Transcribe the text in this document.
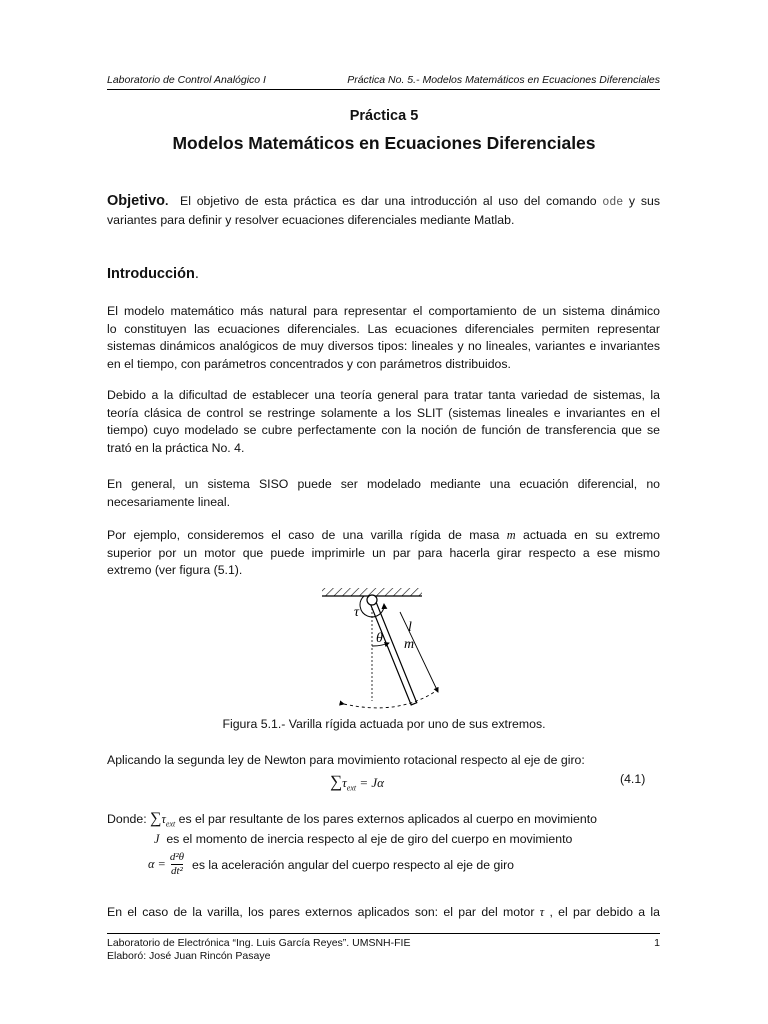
Laboratorio de Control Analógico I	Práctica No. 5.- Modelos Matemáticos en Ecuaciones Diferenciales
Práctica 5
Modelos Matemáticos en Ecuaciones Diferenciales
Objetivo. El objetivo de esta práctica es dar una introducción al uso del comando ode y sus
variantes para definir y resolver ecuaciones diferenciales mediante Matlab.
Introducción.
El modelo matemático más natural para representar el comportamiento de un sistema dinámico
lo constituyen las ecuaciones diferenciales. Las ecuaciones diferenciales permiten representar
sistemas dinámicos analógicos de muy diversos tipos: lineales y no lineales, variantes e invariantes
en el tiempo, con parámetros concentrados y con parámetros distribuidos.
Debido a la dificultad de establecer una teoría general para tratar tanta variedad de sistemas, la
teoría clásica de control se restringe solamente a los SLIT (sistemas lineales e invariantes en el
tiempo) cuyo modelado se cubre perfectamente con la noción de función de transferencia que se
trató en la práctica No. 4.
En general, un sistema SISO puede ser modelado mediante una ecuación diferencial, no
necesariamente lineal.
Por ejemplo, consideremos el caso de una varilla rígida de masa m actuada en su extremo
superior por un motor que puede imprimirle un par para hacerla girar respecto a ese mismo
extremo (ver figura (5.1).
τ
θ
l
m
Figura 5.1.- Varilla rígida actuada por uno de sus extremos.
Aplicando la segunda ley de Newton para movimiento rotacional respecto al eje de giro:
$\sum\tau_{ext} = J\alpha$	(4.1)
Donde: $\sum\tau_{ext}$ es el par resultante de los pares externos aplicados al cuerpo en movimiento
J es el momento de inercia respecto al eje de giro del cuerpo en movimiento
$\alpha = \frac{\text{d²θ}}{\text{dt²}}$ es la aceleración angular del cuerpo respecto al eje de giro
En el caso de la varilla, los pares externos aplicados son: el par del motor τ , el par debido a la
Laboratorio de Electrónica “Ing. Luis García Reyes”. UMSNH-FIE	1
Elaboró: José Juan Rincón Pasaye
